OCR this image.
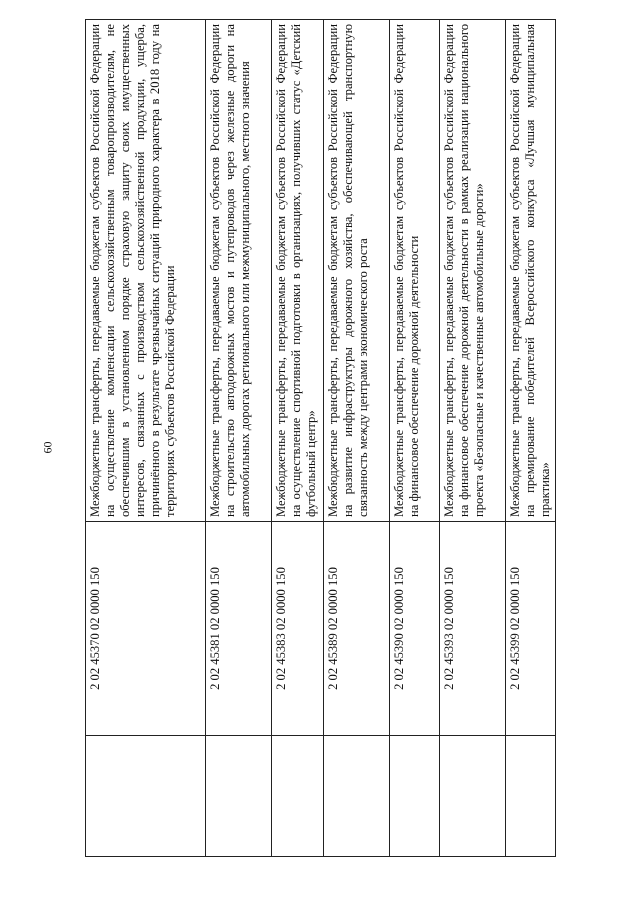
60
	2 02 45370 02 0000 150	Межбюджетные трансферты, передаваемые бюджетам субъектов Российской Федерации на осуществление компенсации сельскохозяйственным товаропроизводителям, не обеспечившим в установленном порядке страховую защиту своих имущественных интересов, связанных с производством сельскохозяйственной продукции, ущерба, причинённого в результате чрезвычайных ситуаций природного характера в 2018 году на территориях субъектов Российской Федерации
	2 02 45381 02 0000 150	Межбюджетные трансферты, передаваемые бюджетам субъектов Российской Федерации на строительство автодорожных мостов и путепроводов через железные дороги на автомобильных дорогах регионального или межмуниципального, местного значения
	2 02 45383 02 0000 150	Межбюджетные трансферты, передаваемые бюджетам субъектов Российской Федерации на осуществление спортивной подготовки в организациях, получивших статус «Детский футбольный центр»
	2 02 45389 02 0000 150	Межбюджетные трансферты, передаваемые бюджетам субъектов Российской Федерации на развитие инфраструктуры дорожного хозяйства, обеспечивающей транспортную связанность между центрами экономического роста
	2 02 45390 02 0000 150	Межбюджетные трансферты, передаваемые бюджетам субъектов Российской Федерации на финансовое обеспечение дорожной деятельности
	2 02 45393 02 0000 150	Межбюджетные трансферты, передаваемые бюджетам субъектов Российской Федерации на финансовое обеспечение дорожной деятельности в рамках реализации национального проекта «Безопасные и качественные автомобильные дороги»
	2 02 45399 02 0000 150	Межбюджетные трансферты, передаваемые бюджетам субъектов Российской Федерации на премирование победителей Всероссийского конкурса «Лучшая муниципальная практика»
